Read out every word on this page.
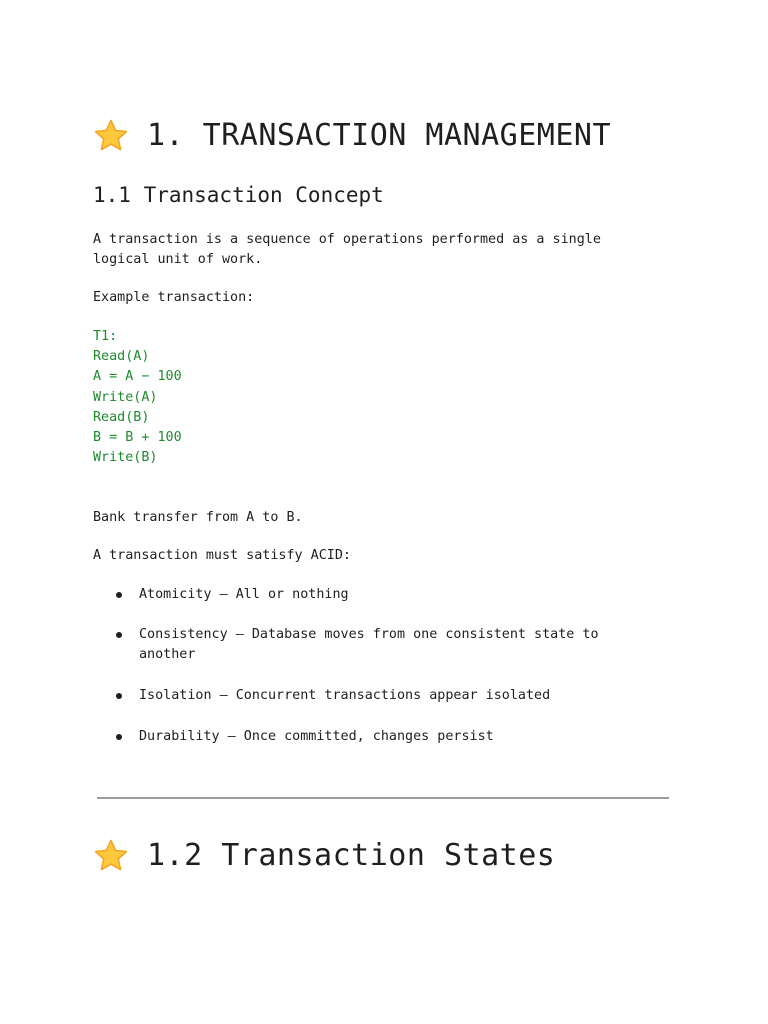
1. TRANSACTION MANAGEMENT
1.1 Transaction Concept

A transaction is a sequence of operations performed as a single logical unit of work.

Example transaction:

T1:
Read(A)
A = A − 100
Write(A)
Read(B)
B = B + 100
Write(B)

Bank transfer from A to B.

A transaction must satisfy ACID:

Atomicity — All or nothing
Consistency — Database moves from one consistent state to another
Isolation — Concurrent transactions appear isolated
Durability — Once committed, changes persist
1.2 Transaction States
